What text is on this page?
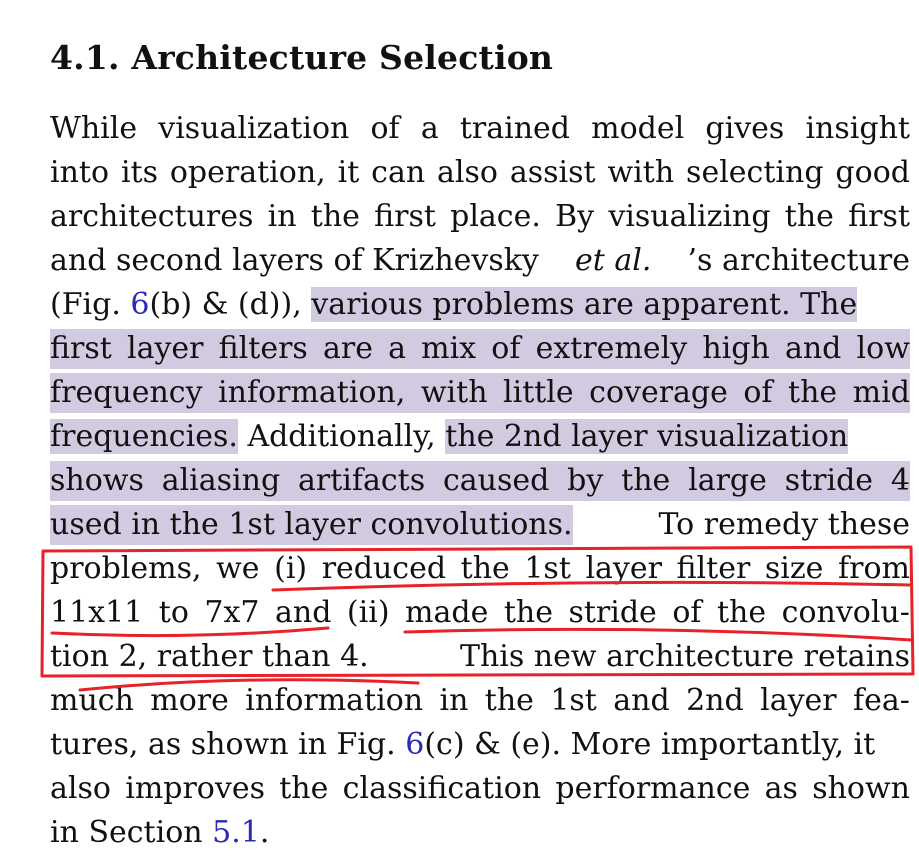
4.1. Architecture Selection
While visualization of a trained model gives insight
into its operation, it can also assist with selecting good
architectures in the first place. By visualizing the first
and second layers of Krizhevsky et al. ’s architecture
(Fig. 6(b) & (d)), various problems are apparent. The
first layer filters are a mix of extremely high and low
frequency information, with little coverage of the mid
frequencies. Additionally, the 2nd layer visualization
shows aliasing artifacts caused by the large stride 4
used in the 1st layer convolutions.	To remedy these
problems, we (i) reduced the 1st layer filter size from
11x11 to 7x7 and (ii) made the stride of the convolu-
tion 2, rather than 4.	This new architecture retains
much more information in the 1st and 2nd layer fea-
tures, as shown in Fig. 6(c) & (e). More importantly, it
also improves the classification performance as shown
in Section 5.1.
